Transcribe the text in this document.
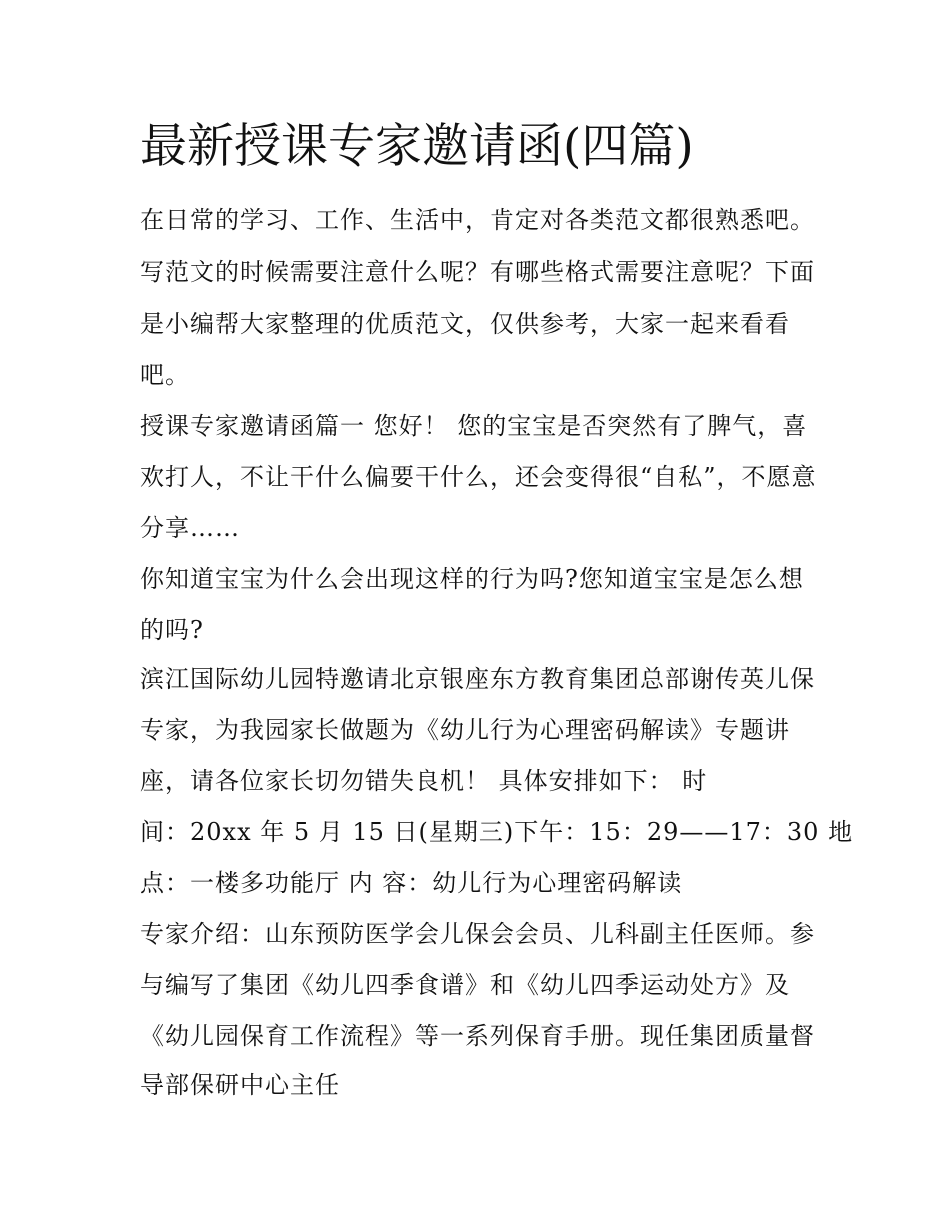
最新授课专家邀请函(四篇)

在日常的学习、工作、生活中，肯定对各类范文都很熟悉吧。

写范文的时候需要注意什么呢？有哪些格式需要注意呢？下面

是小编帮大家整理的优质范文，仅供参考，大家一起来看看

吧。

授课专家邀请函篇一 您好！ 您的宝宝是否突然有了脾气，喜

欢打人，不让干什么偏要干什么，还会变得很“自私”，不愿意

分享……

你知道宝宝为什么会出现这样的行为吗?您知道宝宝是怎么想

的吗?

滨江国际幼儿园特邀请北京银座东方教育集团总部谢传英儿保

专家，为我园家长做题为《幼儿行为心理密码解读》专题讲

座，请各位家长切勿错失良机！ 具体安排如下： 时

间：20xx 年 5 月 15 日(星期三)下午：15：29——17：30 地

点：一楼多功能厅 内 容：幼儿行为心理密码解读

专家介绍：山东预防医学会儿保会会员、儿科副主任医师。参

与编写了集团《幼儿四季食谱》和《幼儿四季运动处方》及

《幼儿园保育工作流程》等一系列保育手册。现任集团质量督

导部保研中心主任
